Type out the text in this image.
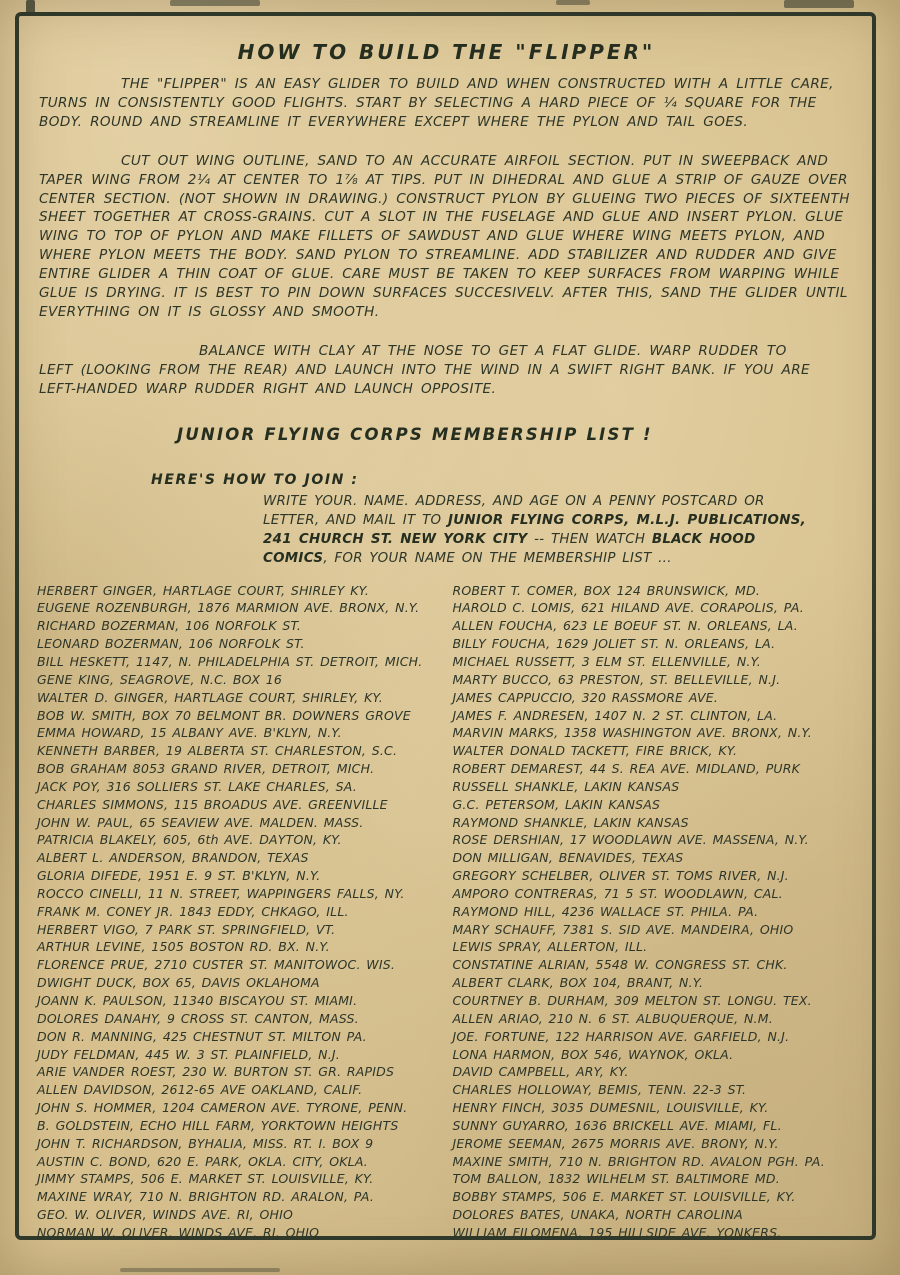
HOW TO BUILD THE "FLIPPER"

THE "FLIPPER" IS AN EASY GLIDER TO BUILD AND WHEN CONSTRUCTED WITH A LITTLE CARE, TURNS IN CONSISTENTLY GOOD FLIGHTS. START BY SELECTING A HARD PIECE OF ¼ SQUARE FOR THE BODY. ROUND AND STREAMLINE IT EVERYWHERE EXCEPT WHERE THE PYLON AND TAIL GOES.

CUT OUT WING OUTLINE, SAND TO AN ACCURATE AIRFOIL SECTION. PUT IN SWEEPBACK AND TAPER WING FROM 2¼ AT CENTER TO 1⅞ AT TIPS. PUT IN DIHEDRAL AND GLUE A STRIP OF GAUZE OVER CENTER SECTION. (NOT SHOWN IN DRAWING.) CONSTRUCT PYLON BY GLUEING TWO PIECES OF SIXTEENTH SHEET TOGETHER AT CROSS-GRAINS. CUT A SLOT IN THE FUSELAGE AND GLUE AND INSERT PYLON. GLUE WING TO TOP OF PYLON AND MAKE FILLETS OF SAWDUST AND GLUE WHERE WING MEETS PYLON, AND WHERE PYLON MEETS THE BODY. SAND PYLON TO STREAMLINE. ADD STABILIZER AND RUDDER AND GIVE ENTIRE GLIDER A THIN COAT OF GLUE. CARE MUST BE TAKEN TO KEEP SURFACES FROM WARPING WHILE GLUE IS DRYING. IT IS BEST TO PIN DOWN SURFACES SUCCESIVELV. AFTER THIS, SAND THE GLIDER UNTIL EVERYTHING ON IT IS GLOSSY AND SMOOTH.

BALANCE WITH CLAY AT THE NOSE TO GET A FLAT GLIDE. WARP RUDDER TO LEFT (LOOKING FROM THE REAR) AND LAUNCH INTO THE WIND IN A SWIFT RIGHT BANK. IF YOU ARE LEFT-HANDED WARP RUDDER RIGHT AND LAUNCH OPPOSITE.

JUNIOR FLYING CORPS MEMBERSHIP LIST !
HERE'S HOW TO JOIN :

WRITE YOUR. NAME. ADDRESS, AND AGE ON A PENNY POSTCARD OR LETTER, AND MAIL IT TO JUNIOR FLYING CORPS, M.L.J. PUBLICATIONS, 241 CHURCH ST. NEW YORK CITY -- THEN WATCH BLACK HOOD COMICS, FOR YOUR NAME ON THE MEMBERSHIP LIST ...

HERBERT GINGER, HARTLAGE COURT, SHIRLEY KY.
EUGENE ROZENBURGH, 1876 MARMION AVE. BRONX, N.Y.
RICHARD BOZERMAN, 106 NORFOLK ST.
LEONARD BOZERMAN, 106 NORFOLK ST.
BILL HESKETT, 1147, N. PHILADELPHIA ST. DETROIT, MICH.
GENE KING, SEAGROVE, N.C. BOX 16
WALTER D. GINGER, HARTLAGE COURT, SHIRLEY, KY.
BOB W. SMITH, BOX 70 BELMONT BR. DOWNERS GROVE
EMMA HOWARD, 15 ALBANY AVE. B'KLYN, N.Y.
KENNETH BARBER, 19 ALBERTA ST. CHARLESTON, S.C.
BOB GRAHAM 8053 GRAND RIVER, DETROIT, MICH.
JACK POY, 316 SOLLIERS ST. LAKE CHARLES, SA.
CHARLES SIMMONS, 115 BROADUS AVE. GREENVILLE
JOHN W. PAUL, 65 SEAVIEW AVE. MALDEN. MASS.
PATRICIA BLAKELY, 605, 6th AVE. DAYTON, KY.
ALBERT L. ANDERSON, BRANDON, TEXAS
GLORIA DIFEDE, 1951 E. 9 ST. B'KLYN, N.Y.
ROCCO CINELLI, 11 N. STREET, WAPPINGERS FALLS, NY.
FRANK M. CONEY JR. 1843 EDDY, CHKAGO, ILL.
HERBERT VIGO, 7 PARK ST. SPRINGFIELD, VT.
ARTHUR LEVINE, 1505 BOSTON RD. BX. N.Y.
FLORENCE PRUE, 2710 CUSTER ST. MANITOWOC. WIS.
DWIGHT DUCK, BOX 65, DAVIS OKLAHOMA
JOANN K. PAULSON, 11340 BISCAYOU ST. MIAMI.
DOLORES DANAHY, 9 CROSS ST. CANTON, MASS.
DON R. MANNING, 425 CHESTNUT ST. MILTON PA.
JUDY FELDMAN, 445 W. 3 ST. PLAINFIELD, N.J.
ARIE VANDER ROEST, 230 W. BURTON ST. GR. RAPIDS
ALLEN DAVIDSON, 2612-65 AVE OAKLAND, CALIF.
JOHN S. HOMMER, 1204 CAMERON AVE. TYRONE, PENN.
B. GOLDSTEIN, ECHO HILL FARM, YORKTOWN HEIGHTS
JOHN T. RICHARDSON, BYHALIA, MISS. RT. I. BOX 9
AUSTIN C. BOND, 620 E. PARK, OKLA. CITY, OKLA.
JIMMY STAMPS, 506 E. MARKET ST. LOUISVILLE, KY.
MAXINE WRAY, 710 N. BRIGHTON RD. ARALON, PA.
GEO. W. OLIVER, WINDS AVE. RI, OHIO
NORMAN W. OLIVER, WINDS AVE. RI. OHIO
ROBERT T. COMER, BOX 124 BRUNSWICK, MD.
HAROLD C. LOMIS, 621 HILAND AVE. CORAPOLIS, PA.
ALLEN FOUCHA, 623 LE BOEUF ST. N. ORLEANS, LA.
BILLY FOUCHA, 1629 JOLIET ST. N. ORLEANS, LA.
MICHAEL RUSSETT, 3 ELM ST. ELLENVILLE, N.Y.
MARTY BUCCO, 63 PRESTON, ST. BELLEVILLE, N.J.
JAMES CAPPUCCIO, 320 RASSMORE AVE.
JAMES F. ANDRESEN, 1407 N. 2 ST. CLINTON, LA.
MARVIN MARKS, 1358 WASHINGTON AVE. BRONX, N.Y.
WALTER DONALD TACKETT, FIRE BRICK, KY.
ROBERT DEMAREST, 44 S. REA AVE. MIDLAND, PURK
RUSSELL SHANKLE, LAKIN KANSAS
G.C. PETERSOM, LAKIN KANSAS
RAYMOND SHANKLE, LAKIN KANSAS
ROSE DERSHIAN, 17 WOODLAWN AVE. MASSENA, N.Y.
DON MILLIGAN, BENAVIDES, TEXAS
GREGORY SCHELBER, OLIVER ST. TOMS RIVER, N.J.
AMPORO CONTRERAS, 71 5 ST. WOODLAWN, CAL.
RAYMOND HILL, 4236 WALLACE ST. PHILA. PA.
MARY SCHAUFF, 7381 S. SID AVE. MANDEIRA, OHIO
LEWIS SPRAY, ALLERTON, ILL.
CONSTATINE ALRIAN, 5548 W. CONGRESS ST. CHK.
ALBERT CLARK, BOX 104, BRANT, N.Y.
COURTNEY B. DURHAM, 309 MELTON ST. LONGU. TEX.
ALLEN ARIAO, 210 N. 6 ST. ALBUQUERQUE, N.M.
JOE. FORTUNE, 122 HARRISON AVE. GARFIELD, N.J.
LONA HARMON, BOX 546, WAYNOK, OKLA.
DAVID CAMPBELL, ARY, KY.
CHARLES HOLLOWAY, BEMIS, TENN. 22-3 ST.
HENRY FINCH, 3035 DUMESNIL, LOUISVILLE, KY.
SUNNY GUYARRO, 1636 BRICKELL AVE. MIAMI, FL.
JEROME SEEMAN, 2675 MORRIS AVE. BRONY, N.Y.
MAXINE SMITH, 710 N. BRIGHTON RD. AVALON PGH. PA.
TOM BALLON, 1832 WILHELM ST. BALTIMORE MD.
BOBBY STAMPS, 506 E. MARKET ST. LOUISVILLE, KY.
DOLORES BATES, UNAKA, NORTH CAROLINA
WILLIAM FILOMENA, 195 HILLSIDE AVE. YONKERS.
